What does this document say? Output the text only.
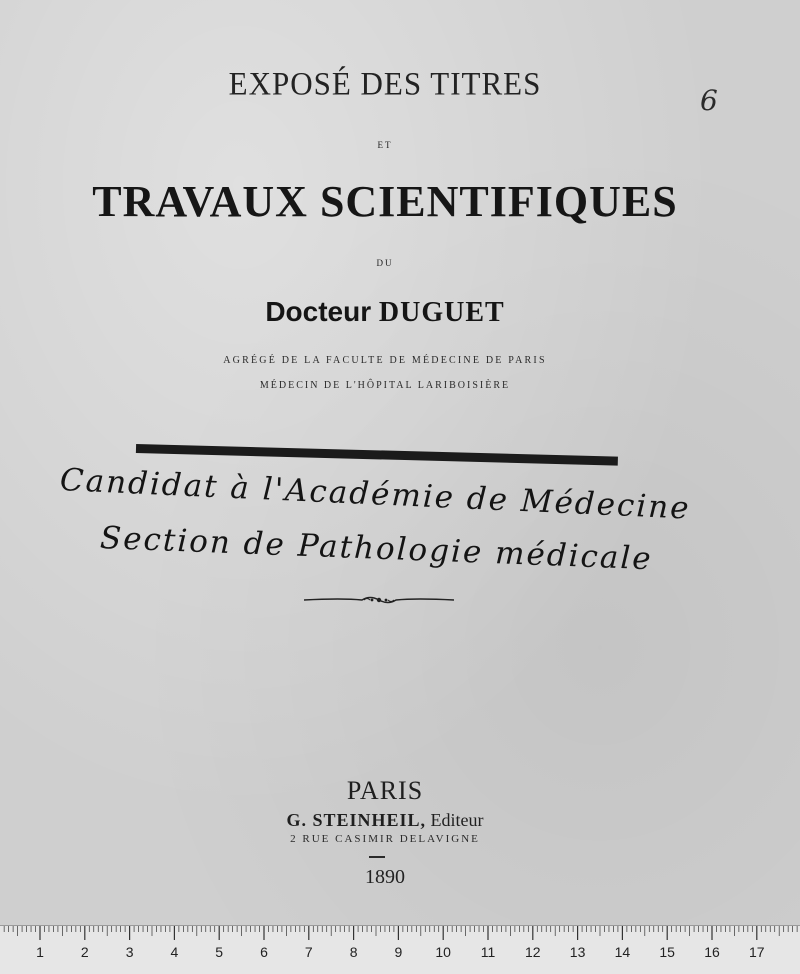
6
EXPOSÉ DES TITRES
ET
TRAVAUX SCIENTIFIQUES
DU
Docteur DUGUET
AGRÉGÉ DE LA FACULTE DE MÉDECINE DE PARIS
MÉDECIN DE L'HÔPITAL LARIBOISIÈRE
Candidat à l'Académie de Médecine
Section de Pathologie médicale
PARIS
G. STEINHEIL, Editeur
2 RUE CASIMIR DELAVIGNE
1890
1	2	3	4	5	6	7	8	9 10 11 12 13 14 15 16 17
